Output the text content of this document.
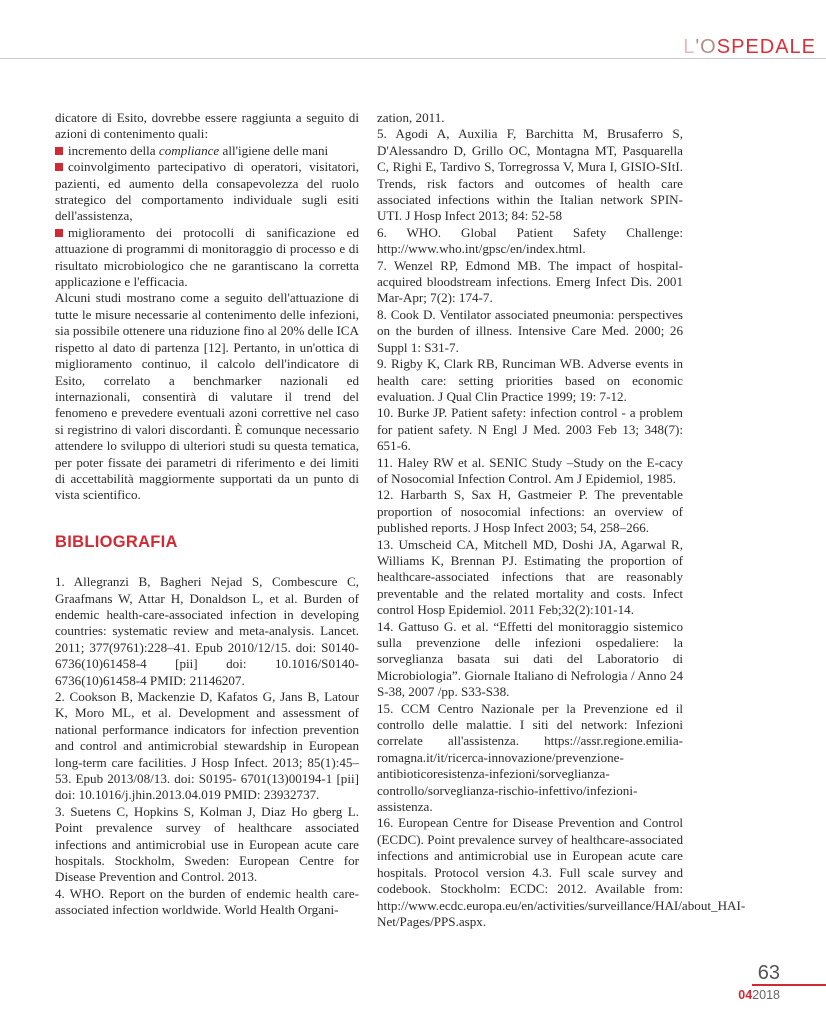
L'OSPEDALE

dicatore di Esito, dovrebbe essere raggiunta a seguito di azioni di contenimento quali:

incremento della compliance all'igiene delle mani

coinvolgimento partecipativo di operatori, visitatori, pazienti, ed aumento della consapevolezza del ruolo strategico del comportamento individuale sugli esiti dell'assistenza,

miglioramento dei protocolli di sanificazione ed attuazione di programmi di monitoraggio di processo e di risultato microbiologico che ne garantiscano la corretta applicazione e l'efficacia.

Alcuni studi mostrano come a seguito dell'attuazione di tutte le misure necessarie al contenimento delle infezioni, sia possibile ottenere una riduzione fino al 20% delle ICA rispetto al dato di partenza [12]. Pertanto, in un'ottica di miglioramento continuo, il calcolo dell'indicatore di Esito, correlato a benchmarker nazionali ed internazionali, consentirà di valutare il trend del fenomeno e prevedere eventuali azoni correttive nel caso si registrino di valori discordanti. È comunque necessario attendere lo sviluppo di ulteriori studi su questa tematica, per poter fissate dei parametri di riferimento e dei limiti di accettabilità maggiormente supportati da un punto di vista scientifico.

BIBLIOGRAFIA

1. Allegranzi B, Bagheri Nejad S, Combescure C, Graafmans W, Attar H, Donaldson L, et al. Burden of endemic health-care-associated infection in developing countries: systematic review and meta-analysis. Lancet. 2011; 377(9761):228–41. Epub 2010/12/15. doi: S0140-6736(10)61458-4 [pii] doi: 10.1016/S0140-6736(10)61458-4 PMID: 21146207.

2. Cookson B, Mackenzie D, Kafatos G, Jans B, Latour K, Moro ML, et al. Development and assessment of national performance indicators for infection prevention and control and antimicrobial stewardship in European long-term care facilities. J Hosp Infect. 2013; 85(1):45–53. Epub 2013/08/13. doi: S0195- 6701(13)00194-1 [pii] doi: 10.1016/j.jhin.2013.04.019 PMID: 23932737.

3. Suetens C, Hopkins S, Kolman J, Diaz Ho gberg L. Point prevalence survey of healthcare associated infections and antimicrobial use in European acute care hospitals. Stockholm, Sweden: European Centre for Disease Prevention and Control. 2013.

4. WHO. Report on the burden of endemic health care-associated infection worldwide. World Health Organi-

zation, 2011.

5. Agodi A, Auxilia F, Barchitta M, Brusaferro S, D'Alessandro D, Grillo OC, Montagna MT, Pasquarella C, Righi E, Tardivo S, Torregrossa V, Mura I, GISIO-SItI. Trends, risk factors and outcomes of health care associated infections within the Italian network SPIN-UTI. J Hosp Infect 2013; 84: 52-58

6. WHO. Global Patient Safety Challenge: http://www.who.int/gpsc/en/index.html.

7. Wenzel RP, Edmond MB. The impact of hospital-acquired bloodstream infections. Emerg Infect Dis. 2001 Mar-Apr; 7(2): 174-7.

8. Cook D. Ventilator associated pneumonia: perspectives on the burden of illness. Intensive Care Med. 2000; 26 Suppl 1: S31-7.

9. Rigby K, Clark RB, Runciman WB. Adverse events in health care: setting priorities based on economic evaluation. J Qual Clin Practice 1999; 19: 7-12.

10. Burke JP. Patient safety: infection control - a problem for patient safety. N Engl J Med. 2003 Feb 13; 348(7): 651-6.

11. Haley RW et al. SENIC Study –Study on the E-cacy of Nosocomial Infection Control. Am J Epidemiol, 1985.

12. Harbarth S, Sax H, Gastmeier P. The preventable proportion of nosocomial infections: an overview of published reports. J Hosp Infect 2003; 54, 258–266.

13. Umscheid CA, Mitchell MD, Doshi JA, Agarwal R, Williams K, Brennan PJ. Estimating the proportion of healthcare-associated infections that are reasonably preventable and the related mortality and costs. Infect control Hosp Epidemiol. 2011 Feb;32(2):101-14.

14. Gattuso G. et al. “Effetti del monitoraggio sistemico sulla prevenzione delle infezioni ospedaliere: la sorveglianza basata sui dati del Laboratorio di Microbiologia”. Giornale Italiano di Nefrologia / Anno 24 S-38, 2007 /pp. S33-S38.

15. CCM Centro Nazionale per la Prevenzione ed il controllo delle malattie. I siti del network: Infezioni correlate all'assistenza. https://assr.regione.emilia-romagna.it/it/ricerca-innovazione/prevenzione-antibioticoresistenza-infezioni/sorveglianza-controllo/sorveglianza-rischio-infettivo/infezioni-assistenza.

16. European Centre for Disease Prevention and Control (ECDC). Point prevalence survey of healthcare-associated infections and antimicrobial use in European acute care hospitals. Protocol version 4.3. Full scale survey and codebook. Stockholm: ECDC: 2012. Available from: http://www.ecdc.europa.eu/en/activities/surveillance/HAI/about_HAI-Net/Pages/PPS.aspx.

63
042018
